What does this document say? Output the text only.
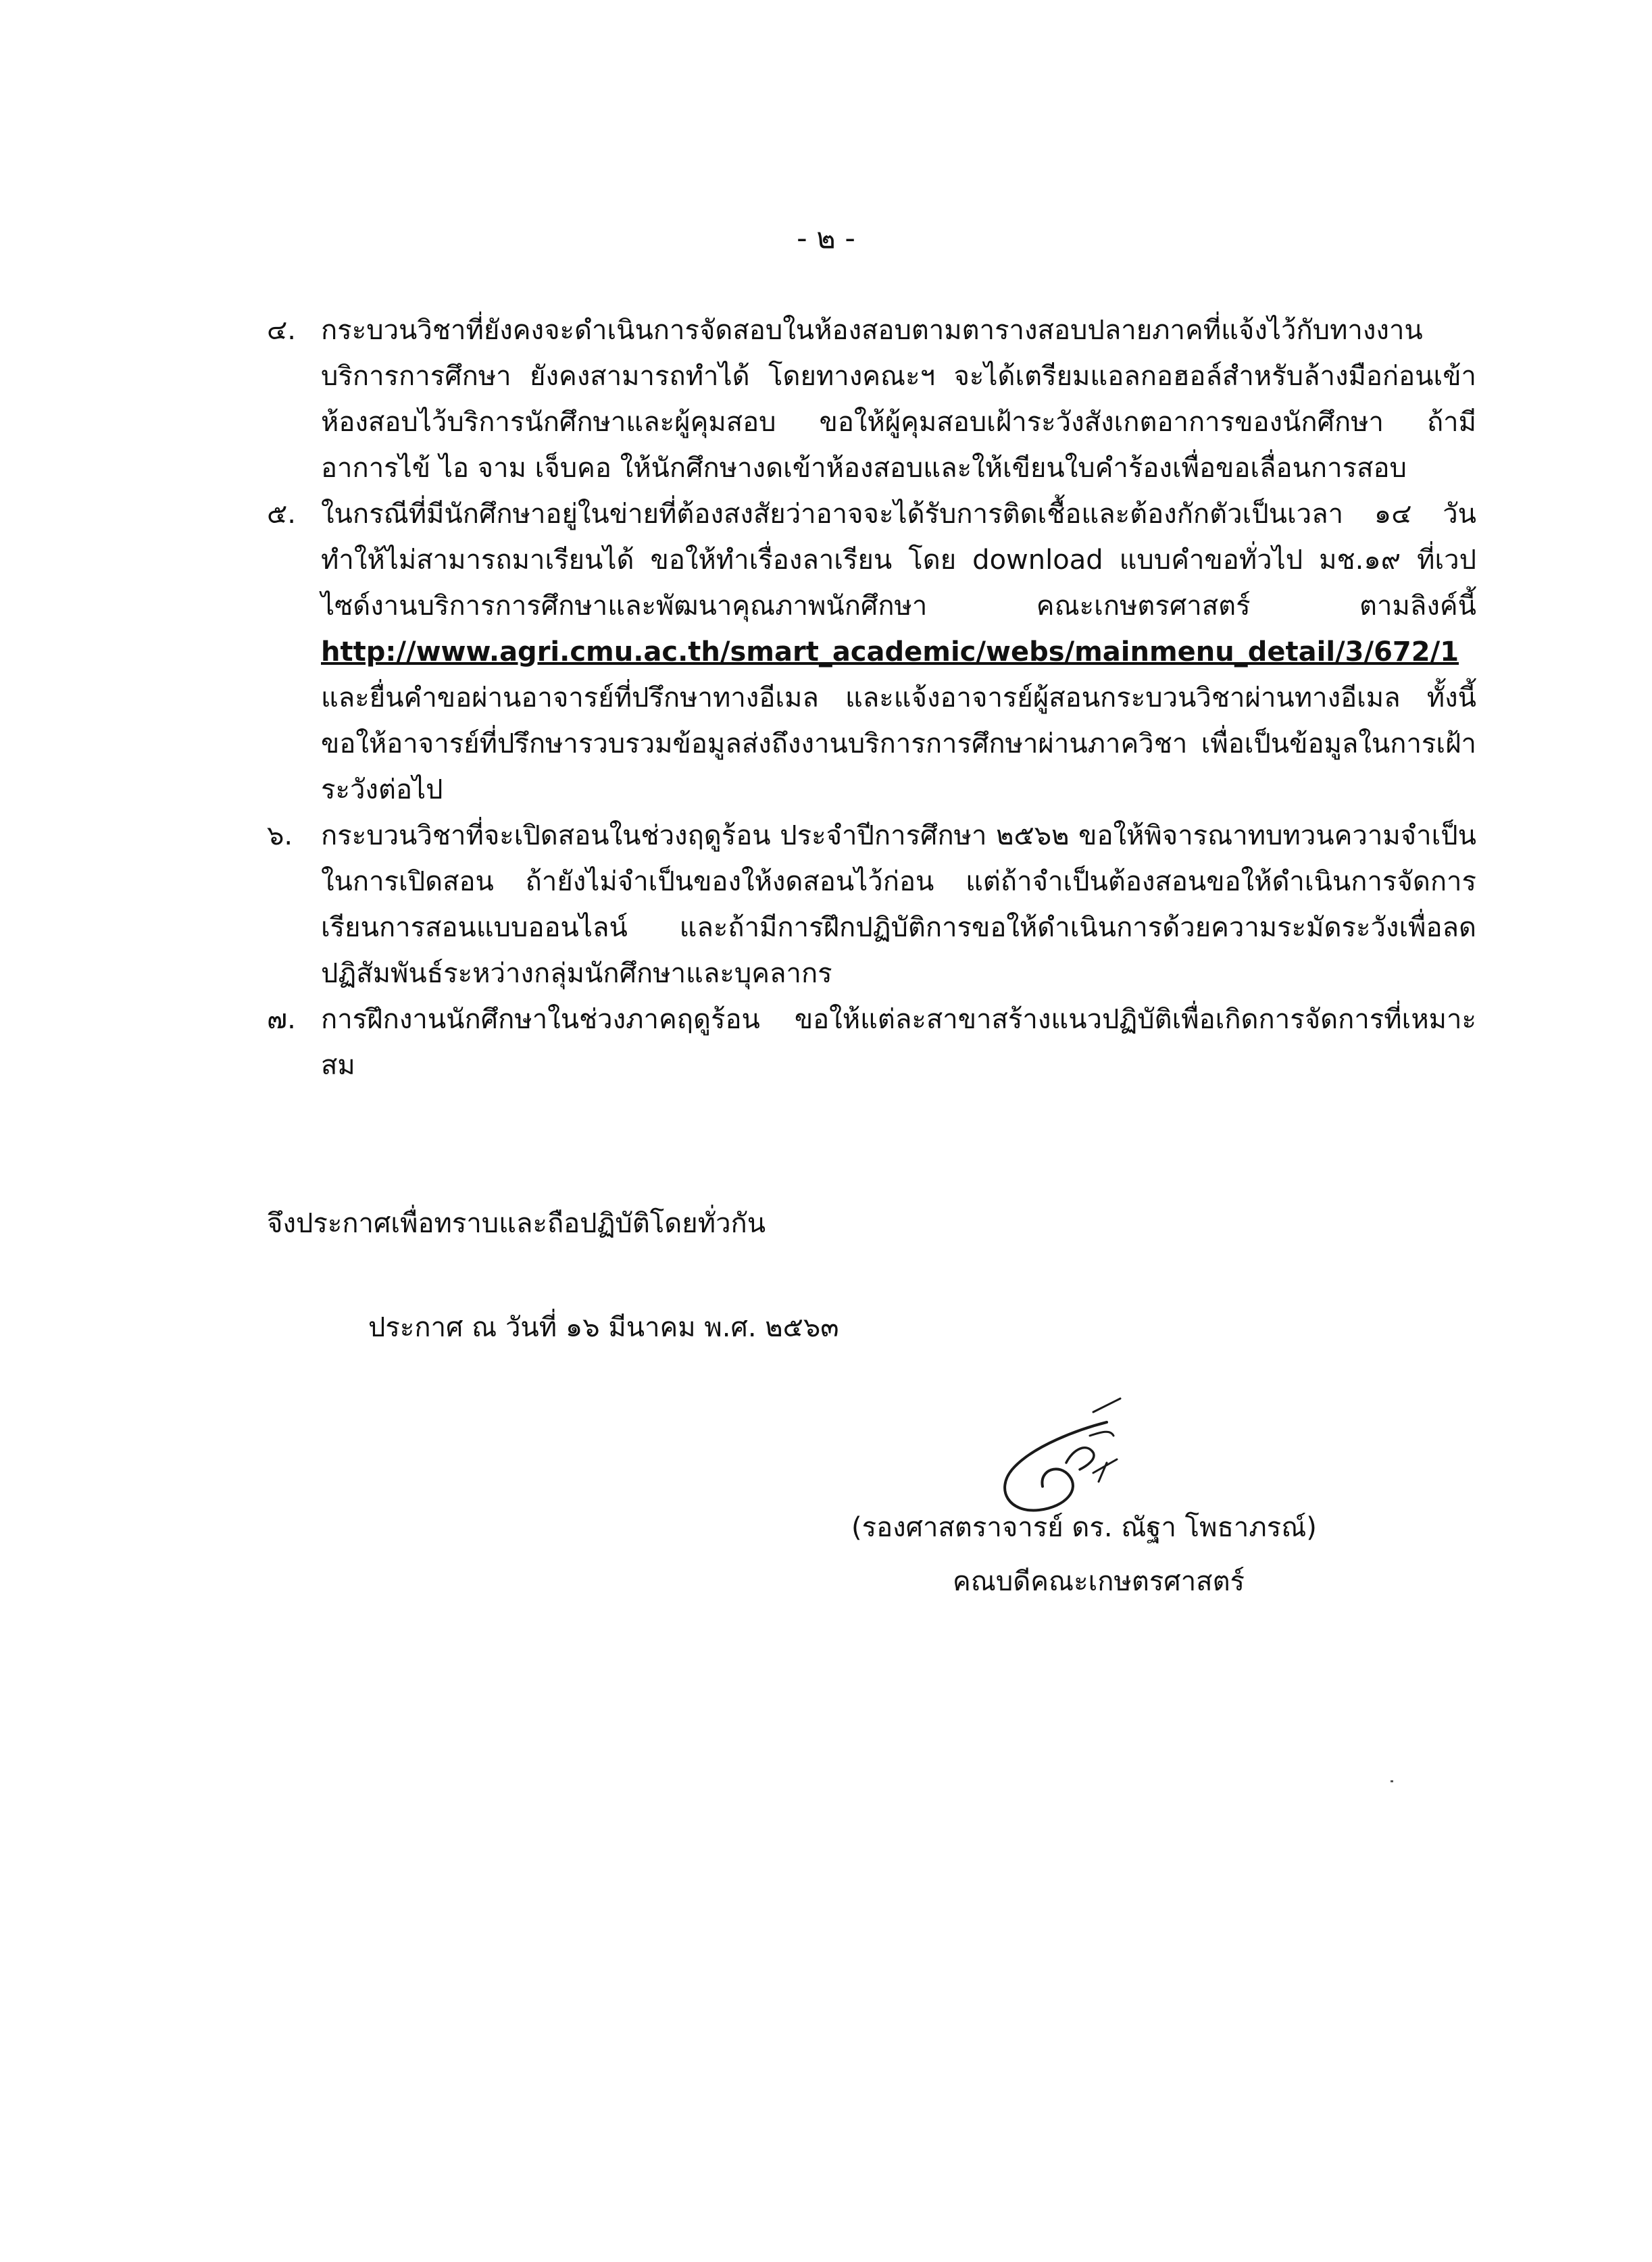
- ๒ -
๔. กระบวนวิชาที่ยังคงจะดำเนินการจัดสอบในห้องสอบตามตารางสอบปลายภาคที่แจ้งไว้กับทางงานบริการการศึกษา ยังคงสามารถทำได้ โดยทางคณะฯ จะได้เตรียมแอลกอฮอล์สำหรับล้างมือก่อนเข้าห้องสอบไว้บริการนักศึกษาและผู้คุมสอบ ขอให้ผู้คุมสอบเฝ้าระวังสังเกตอาการของนักศึกษา ถ้ามีอาการไข้ ไอ จาม เจ็บคอ ให้นักศึกษางดเข้าห้องสอบและให้เขียนใบคำร้องเพื่อขอเลื่อนการสอบ
๕. ในกรณีที่มีนักศึกษาอยู่ในข่ายที่ต้องสงสัยว่าอาจจะได้รับการติดเชื้อและต้องกักตัวเป็นเวลา ๑๔ วัน ทำให้ไม่สามารถมาเรียนได้ ขอให้ทำเรื่องลาเรียน โดย download แบบคำขอทั่วไป มช.๑๙ ที่เวปไซด์งานบริการการศึกษาและพัฒนาคุณภาพนักศึกษา คณะเกษตรศาสตร์ ตามลิงค์นี้ http://www.agri.cmu.ac.th/smart_academic/webs/mainmenu_detail/3/672/1 และยื่นคำขอผ่านอาจารย์ที่ปรึกษาทางอีเมล และแจ้งอาจารย์ผู้สอนกระบวนวิชาผ่านทางอีเมล ทั้งนี้ ขอให้อาจารย์ที่ปรึกษารวบรวมข้อมูลส่งถึงงานบริการการศึกษาผ่านภาควิชา เพื่อเป็นข้อมูลในการเฝ้าระวังต่อไป
๖. กระบวนวิชาที่จะเปิดสอนในช่วงฤดูร้อน ประจำปีการศึกษา ๒๕๖๒ ขอให้พิจารณาทบทวนความจำเป็นในการเปิดสอน ถ้ายังไม่จำเป็นของให้งดสอนไว้ก่อน แต่ถ้าจำเป็นต้องสอนขอให้ดำเนินการจัดการเรียนการสอนแบบออนไลน์ และถ้ามีการฝึกปฏิบัติการขอให้ดำเนินการด้วยความระมัดระวังเพื่อลดปฏิสัมพันธ์ระหว่างกลุ่มนักศึกษาและบุคลากร
๗. การฝึกงานนักศึกษาในช่วงภาคฤดูร้อน ขอให้แต่ละสาขาสร้างแนวปฏิบัติเพื่อเกิดการจัดการที่เหมาะสม
จึงประกาศเพื่อทราบและถือปฏิบัติโดยทั่วกัน
ประกาศ ณ วันที่ ๑๖ มีนาคม พ.ศ. ๒๕๖๓
(รองศาสตราจารย์ ดร. ณัฐา โพธาภรณ์)
คณบดีคณะเกษตรศาสตร์
